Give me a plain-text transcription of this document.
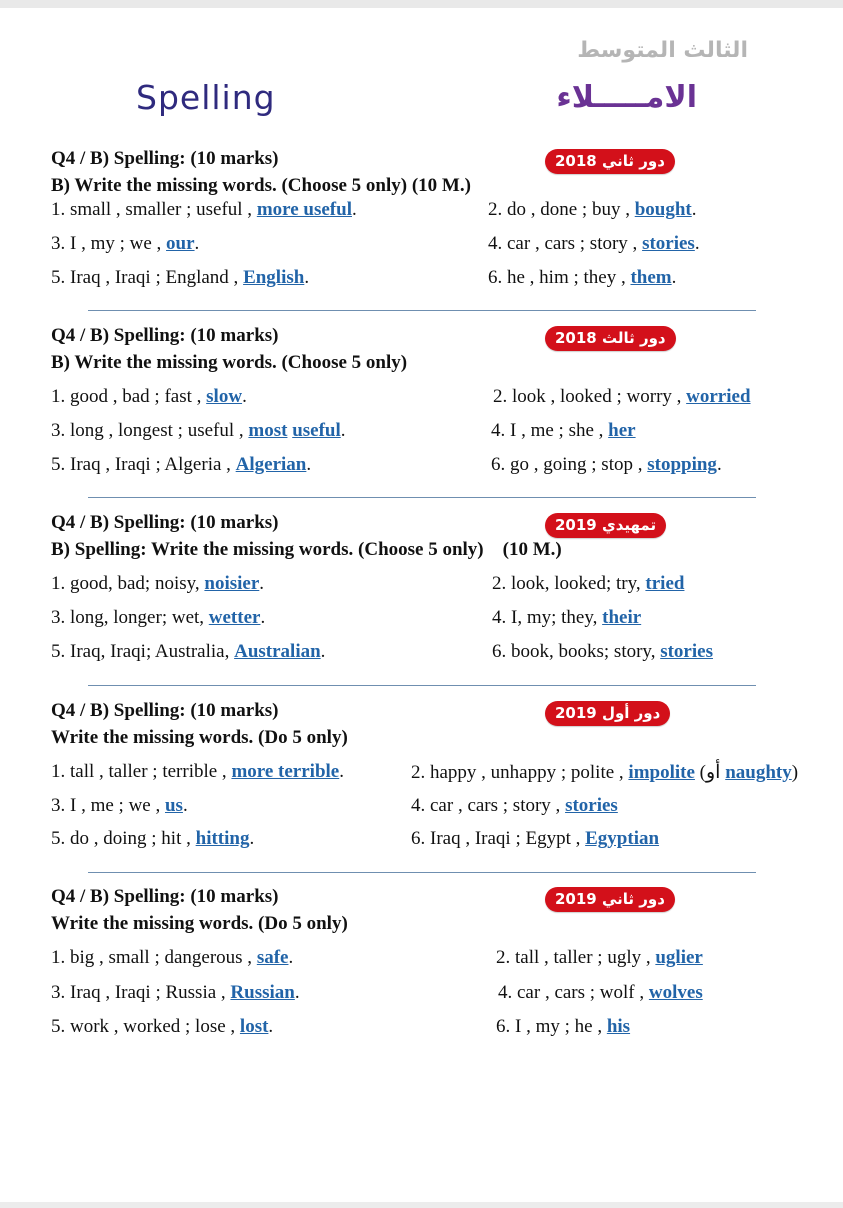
الثالث المتوسط
Spelling	الامـــــلاء
Q4 / B) Spelling: (10 marks)	دور ثاني 2018
B) Write the missing words. (Choose 5 only) (10 M.)
1. small , smaller ; useful , more useful.	2. do , done ; buy , bought.
3. I , my ; we , our.	4. car , cars ; story , stories.
5. Iraq , Iraqi ; England , English.	6. he , him ; they , them.
Q4 / B) Spelling: (10 marks)	دور ثالث 2018
B) Write the missing words. (Choose 5 only)
1. good , bad ; fast , slow.	2. look , looked ; worry , worried
3. long , longest ; useful , most useful.	4. I , me ; she , her
5. Iraq , Iraqi ; Algeria , Algerian.	6. go , going ; stop , stopping.
Q4 / B) Spelling: (10 marks)	تمهيدي 2019
B) Spelling: Write the missing words. (Choose 5 only)    (10 M.)
1. good, bad; noisy, noisier.	2. look, looked; try, tried
3. long, longer; wet, wetter.	4. I, my; they, their
5. Iraq, Iraqi; Australia, Australian.	6. book, books; story, stories
Q4 / B) Spelling: (10 marks)	دور أول 2019
Write the missing words. (Do 5 only)
1. tall , taller ; terrible , more terrible.	2. happy , unhappy ; polite , impolite (أو naughty)
3. I , me ; we , us.	4. car , cars ; story , stories
5. do , doing ; hit , hitting.	6. Iraq , Iraqi ; Egypt , Egyptian
Q4 / B) Spelling: (10 marks)	دور ثاني 2019
Write the missing words. (Do 5 only)
1. big , small ; dangerous , safe.	2. tall , taller ; ugly , uglier
3. Iraq , Iraqi ; Russia , Russian.	4. car , cars ; wolf , wolves
5. work , worked ; lose , lost.	6. I , my ; he , his
